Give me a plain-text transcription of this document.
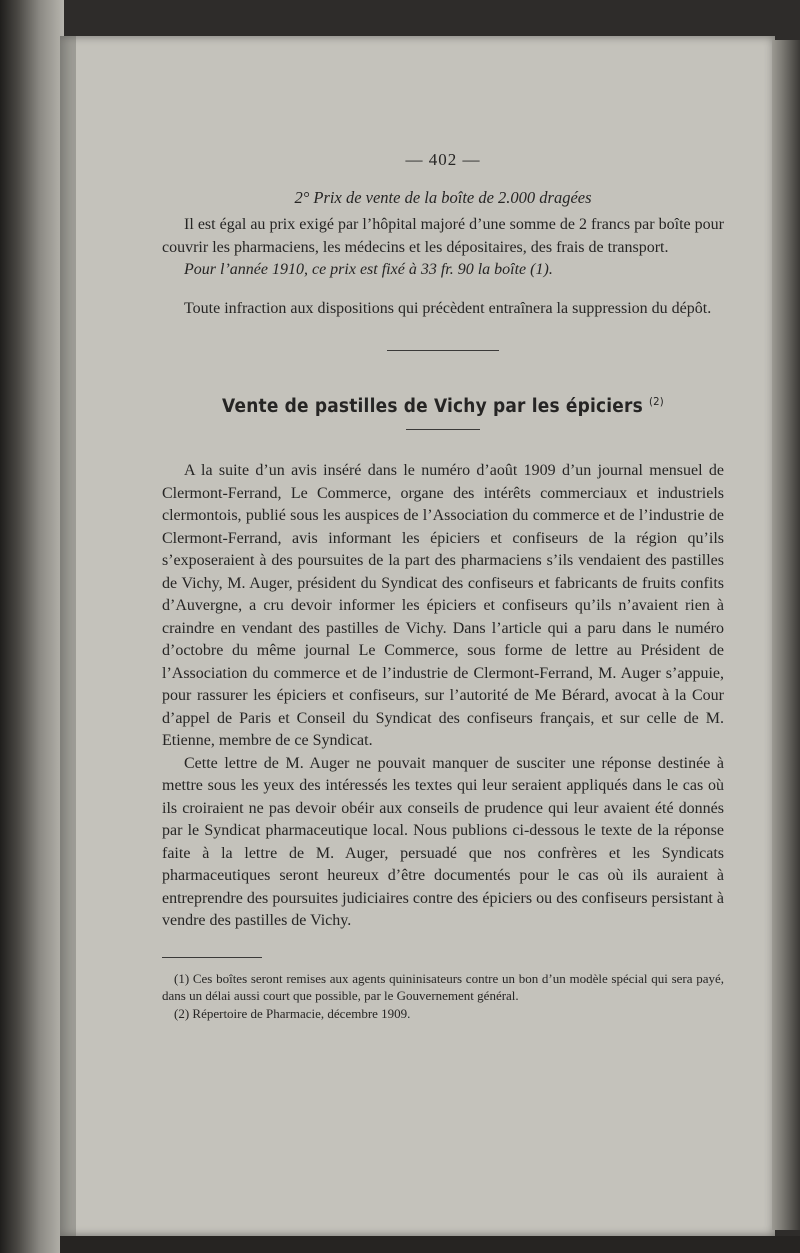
— 402 —
2° Prix de vente de la boîte de 2.000 dragées

Il est égal au prix exigé par l’hôpital majoré d’une somme de 2 francs par boîte pour couvrir les pharmaciens, les médecins et les dépositaires, des frais de transport.

Pour l’année 1910, ce prix est fixé à 33 fr. 90 la boîte (1).

Toute infraction aux dispositions qui précèdent entraînera la suppression du dépôt.

Vente de pastilles de Vichy par les épiciers $^{(2)}$

A la suite d’un avis inséré dans le numéro d’août 1909 d’un journal mensuel de Clermont-Ferrand, Le Commerce, organe des intérêts commerciaux et industriels clermontois, publié sous les auspices de l’Association du commerce et de l’industrie de Clermont-Ferrand, avis informant les épiciers et confiseurs de la région qu’ils s’exposeraient à des poursuites de la part des pharmaciens s’ils vendaient des pastilles de Vichy, M. Auger, président du Syndicat des confiseurs et fabricants de fruits confits d’Auvergne, a cru devoir informer les épiciers et confiseurs qu’ils n’avaient rien à craindre en vendant des pastilles de Vichy. Dans l’article qui a paru dans le numéro d’octobre du même journal Le Commerce, sous forme de lettre au Président de l’Association du commerce et de l’industrie de Clermont-Ferrand, M. Auger s’appuie, pour rassurer les épiciers et confiseurs, sur l’autorité de Me Bérard, avocat à la Cour d’appel de Paris et Conseil du Syndicat des confiseurs français, et sur celle de M. Etienne, membre de ce Syndicat.

Cette lettre de M. Auger ne pouvait manquer de susciter une réponse destinée à mettre sous les yeux des intéressés les textes qui leur seraient appliqués dans le cas où ils croiraient ne pas devoir obéir aux conseils de prudence qui leur avaient été donnés par le Syndicat pharmaceutique local. Nous publions ci-dessous le texte de la réponse faite à la lettre de M. Auger, persuadé que nos confrères et les Syndicats pharmaceutiques seront heureux d’être documentés pour le cas où ils auraient à entreprendre des poursuites judiciaires contre des épiciers ou des confiseurs persistant à vendre des pastilles de Vichy.

(1) Ces boîtes seront remises aux agents quininisateurs contre un bon d’un modèle spécial qui sera payé, dans un délai aussi court que possible, par le Gouvernement général.

(2) Répertoire de Pharmacie, décembre 1909.
